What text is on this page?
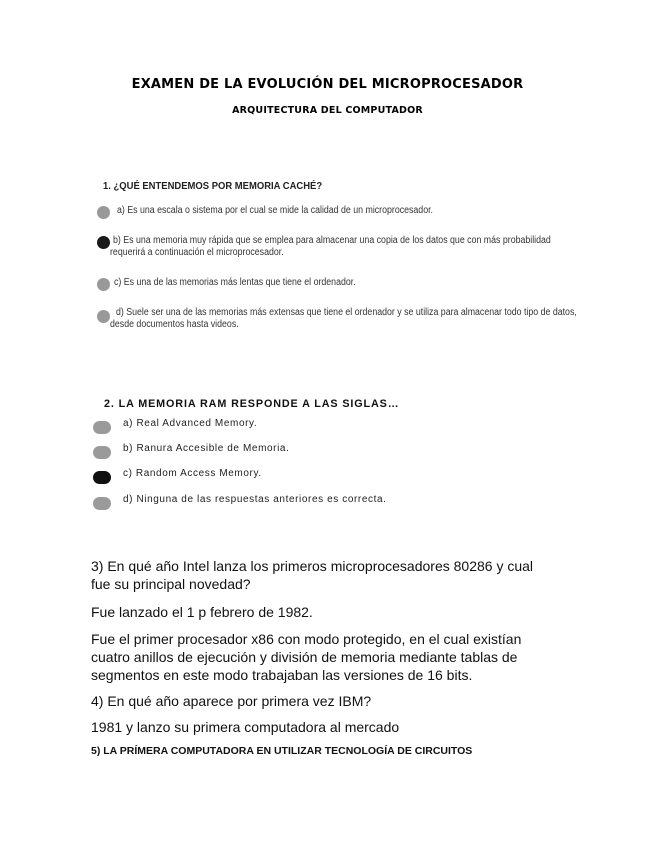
EXAMEN DE LA EVOLUCIÓN DEL MICROPROCESADOR
ARQUITECTURA DEL COMPUTADOR
1. ¿QUÉ ENTENDEMOS POR MEMORIA CACHÉ?
a) Es una escala o sistema por el cual se mide la calidad de un microprocesador.
b) Es una memoria muy rápida que se emplea para almacenar una copia de los datos que con más probabilidad
requerirá a continuación el microprocesador.
c) Es una de las memorias más lentas que tiene el ordenador.
d) Suele ser una de las memorias más extensas que tiene el ordenador y se utiliza para almacenar todo tipo de datos,
desde documentos hasta videos.
2. LA MEMORIA RAM RESPONDE A LAS SIGLAS…
a) Real Advanced Memory.
b) Ranura Accesible de Memoria.
c) Random Access Memory.
d) Ninguna de las respuestas anteriores es correcta.
3) En qué año Intel lanza los primeros microprocesadores 80286 y cual
fue su principal novedad?
Fue lanzado el 1 p febrero de 1982.
Fue el primer procesador x86 con modo protegido, en el cual existían
cuatro anillos de ejecución y división de memoria mediante tablas de
segmentos en este modo trabajaban las versiones de 16 bits.
4) En qué año aparece por primera vez IBM?
1981 y lanzo su primera computadora al mercado
5) LA PRÍMERA COMPUTADORA EN UTILIZAR TECNOLOGÍA DE CIRCUITOS
